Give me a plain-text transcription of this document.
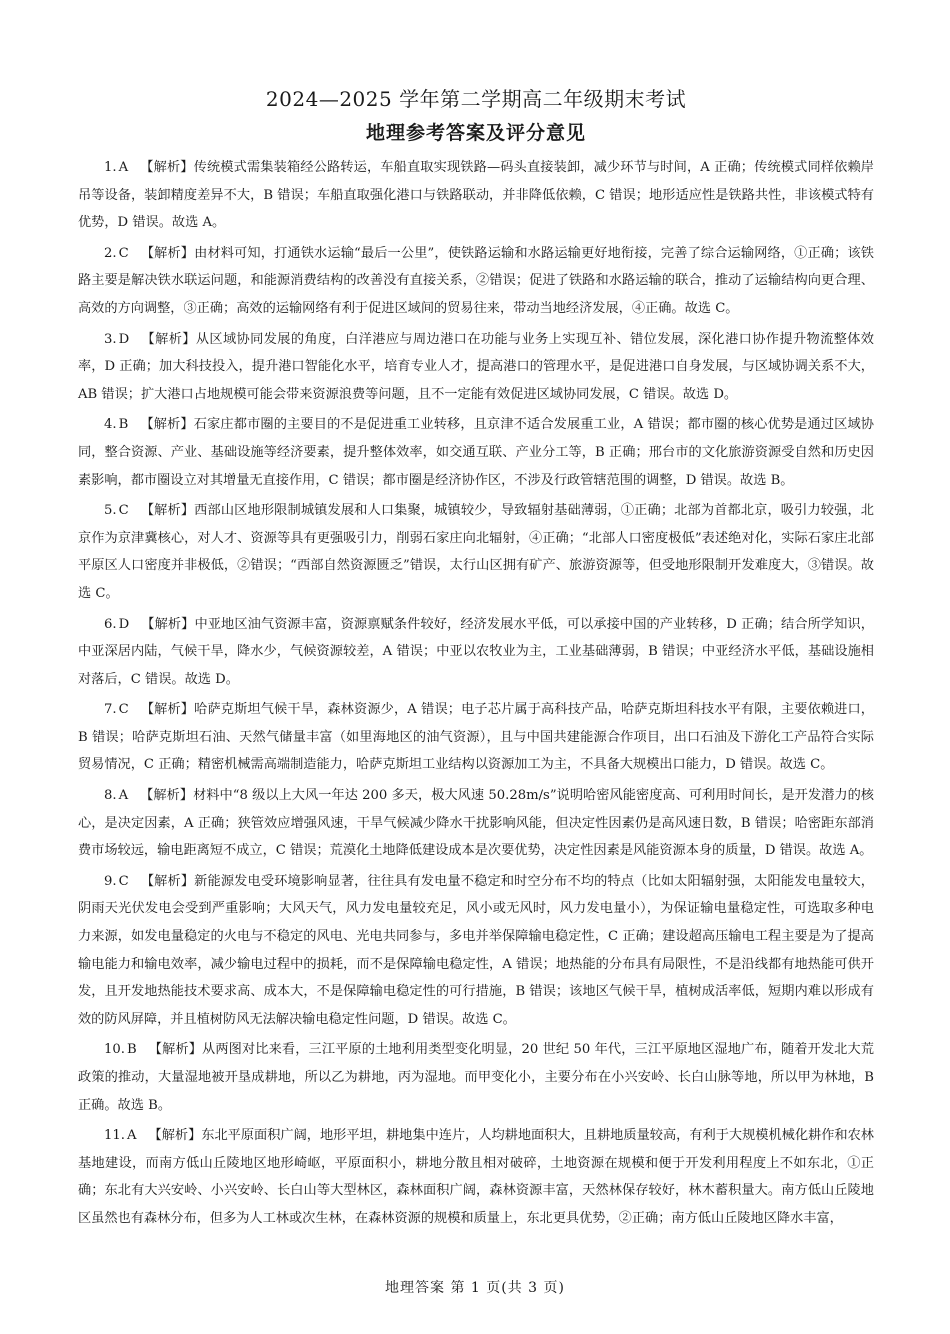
2024—2025 学年第二学期高二年级期末考试
地理参考答案及评分意见
1. A 【解析】传统模式需集装箱经公路转运，车船直取实现铁路—码头直接装卸，减少环节与时间，A 正确；传统模式同样依赖岸吊等设备，装卸精度差异不大，B 错误；车船直取强化港口与铁路联动，并非降低依赖，C 错误；地形适应性是铁路共性，非该模式特有优势，D 错误。故选 A。
2. C 【解析】由材料可知，打通铁水运输“最后一公里”，使铁路运输和水路运输更好地衔接，完善了综合运输网络，①正确；该铁路主要是解决铁水联运问题，和能源消费结构的改善没有直接关系，②错误；促进了铁路和水路运输的联合，推动了运输结构向更合理、高效的方向调整，③正确；高效的运输网络有利于促进区域间的贸易往来，带动当地经济发展，④正确。故选 C。
3. D 【解析】从区域协同发展的角度，白洋港应与周边港口在功能与业务上实现互补、错位发展，深化港口协作提升物流整体效率，D 正确；加大科技投入，提升港口智能化水平，培育专业人才，提高港口的管理水平，是促进港口自身发展，与区域协调关系不大，AB 错误；扩大港口占地规模可能会带来资源浪费等问题，且不一定能有效促进区域协同发展，C 错误。故选 D。
4. B 【解析】石家庄都市圈的主要目的不是促进重工业转移，且京津不适合发展重工业，A 错误；都市圈的核心优势是通过区域协同，整合资源、产业、基础设施等经济要素，提升整体效率，如交通互联、产业分工等，B 正确；邢台市的文化旅游资源受自然和历史因素影响，都市圈设立对其增量无直接作用，C 错误；都市圈是经济协作区，不涉及行政管辖范围的调整，D 错误。故选 B。
5. C 【解析】西部山区地形限制城镇发展和人口集聚，城镇较少，导致辐射基础薄弱，①正确；北部为首都北京，吸引力较强，北京作为京津冀核心，对人才、资源等具有更强吸引力，削弱石家庄向北辐射，④正确；“北部人口密度极低”表述绝对化，实际石家庄北部平原区人口密度并非极低，②错误；“西部自然资源匮乏”错误，太行山区拥有矿产、旅游资源等，但受地形限制开发难度大，③错误。故选 C。
6. D 【解析】中亚地区油气资源丰富，资源禀赋条件较好，经济发展水平低，可以承接中国的产业转移，D 正确；结合所学知识，中亚深居内陆，气候干旱，降水少，气候资源较差，A 错误；中亚以农牧业为主，工业基础薄弱，B 错误；中亚经济水平低，基础设施相对落后，C 错误。故选 D。
7. C 【解析】哈萨克斯坦气候干旱，森林资源少，A 错误；电子芯片属于高科技产品，哈萨克斯坦科技水平有限，主要依赖进口，B 错误；哈萨克斯坦石油、天然气储量丰富（如里海地区的油气资源），且与中国共建能源合作项目，出口石油及下游化工产品符合实际贸易情况，C 正确；精密机械需高端制造能力，哈萨克斯坦工业结构以资源加工为主，不具备大规模出口能力，D 错误。故选 C。
8. A 【解析】材料中“8 级以上大风一年达 200 多天，极大风速 50.28m/s”说明哈密风能密度高、可利用时间长，是开发潜力的核心，是决定因素，A 正确；狭管效应增强风速，干旱气候减少降水干扰影响风能，但决定性因素仍是高风速日数，B 错误；哈密距东部消费市场较远，输电距离短不成立，C 错误；荒漠化土地降低建设成本是次要优势，决定性因素是风能资源本身的质量，D 错误。故选 A。
9. C 【解析】新能源发电受环境影响显著，往往具有发电量不稳定和时空分布不均的特点（比如太阳辐射强，太阳能发电量较大，阴雨天光伏发电会受到严重影响；大风天气，风力发电量较充足，风小或无风时，风力发电量小），为保证输电量稳定性，可选取多种电力来源，如发电量稳定的火电与不稳定的风电、光电共同参与，多电并举保障输电稳定性，C 正确；建设超高压输电工程主要是为了提高输电能力和输电效率，减少输电过程中的损耗，而不是保障输电稳定性，A 错误；地热能的分布具有局限性，不是沿线都有地热能可供开发，且开发地热能技术要求高、成本大，不是保障输电稳定性的可行措施，B 错误；该地区气候干旱，植树成活率低，短期内难以形成有效的防风屏障，并且植树防风无法解决输电稳定性问题，D 错误。故选 C。
10. B 【解析】从两图对比来看，三江平原的土地利用类型变化明显，20 世纪 50 年代，三江平原地区湿地广布，随着开发北大荒政策的推动，大量湿地被开垦成耕地，所以乙为耕地，丙为湿地。而甲变化小，主要分布在小兴安岭、长白山脉等地，所以甲为林地，B 正确。故选 B。
11. A 【解析】东北平原面积广阔，地形平坦，耕地集中连片，人均耕地面积大，且耕地质量较高，有利于大规模机械化耕作和农林基地建设，而南方低山丘陵地区地形崎岖，平原面积小，耕地分散且相对破碎，土地资源在规模和便于开发利用程度上不如东北，①正确；东北有大兴安岭、小兴安岭、长白山等大型林区，森林面积广阔，森林资源丰富，天然林保存较好，林木蓄积量大。南方低山丘陵地区虽然也有森林分布，但多为人工林或次生林，在森林资源的规模和质量上，东北更具优势，②正确；南方低山丘陵地区降水丰富，
地理答案 第 1 页(共 3 页)
